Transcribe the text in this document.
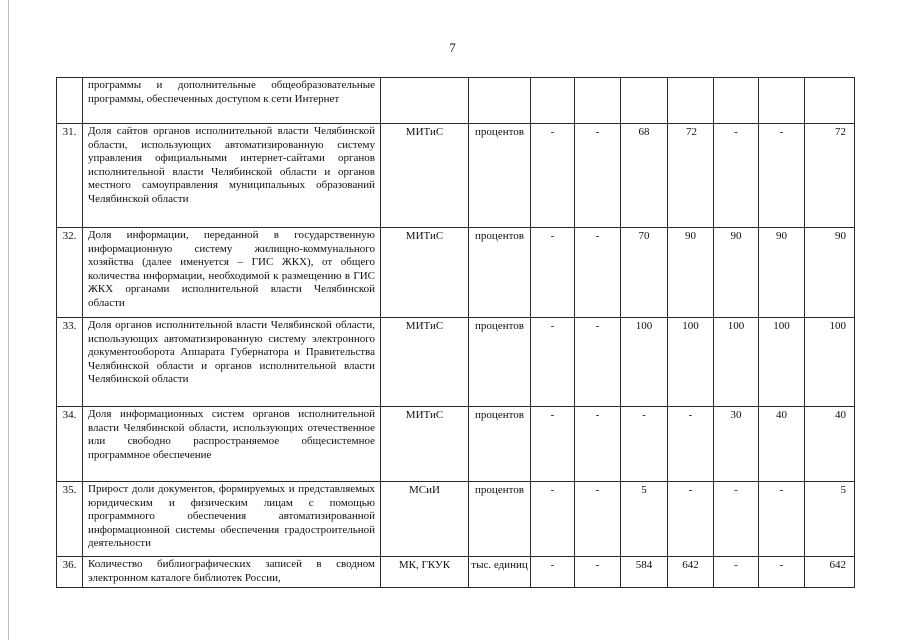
7
	программы и дополнительные общеобразовательные программы, обеспеченных доступом к сети Интернет									
31.	Доля сайтов органов исполнительной власти Челябинской области, использующих автоматизированную систему управления официальными интернет-сайтами органов исполнительной власти Челябинской области и органов местного самоуправления муниципальных образований Челябинской области	МИТиС	процентов	-	-	68	72	-	-	72
32.	Доля информации, переданной в государственную информационную систему жилищно-коммунального хозяйства (далее именуется – ГИС ЖКХ), от общего количества информации, необходимой к размещению в ГИС ЖКХ органами исполнительной власти Челябинской области	МИТиС	процентов	-	-	70	90	90	90	90
33.	Доля органов исполнительной власти Челябинской области, использующих автоматизированную систему электронного документооборота Аппарата Губернатора и Правительства Челябинской области и органов исполнительной власти Челябинской области	МИТиС	процентов	-	-	100	100	100	100	100
34.	Доля информационных систем органов исполнительной власти Челябинской области, использующих отечественное или свободно распространяемое общесистемное программное обеспечение	МИТиС	процентов	-	-	-	-	30	40	40
35.	Прирост доли документов, формируемых и представляемых юридическим и физическим лицам с помощью программного обеспечения автоматизированной информационной системы обеспечения градостроительной деятельности	МСиИ	процентов	-	-	5	-	-	-	5
36.	Количество библиографических записей в сводном электронном каталоге библиотек России,	МК, ГКУК	тыс. единиц	-	-	584	642	-	-	642
